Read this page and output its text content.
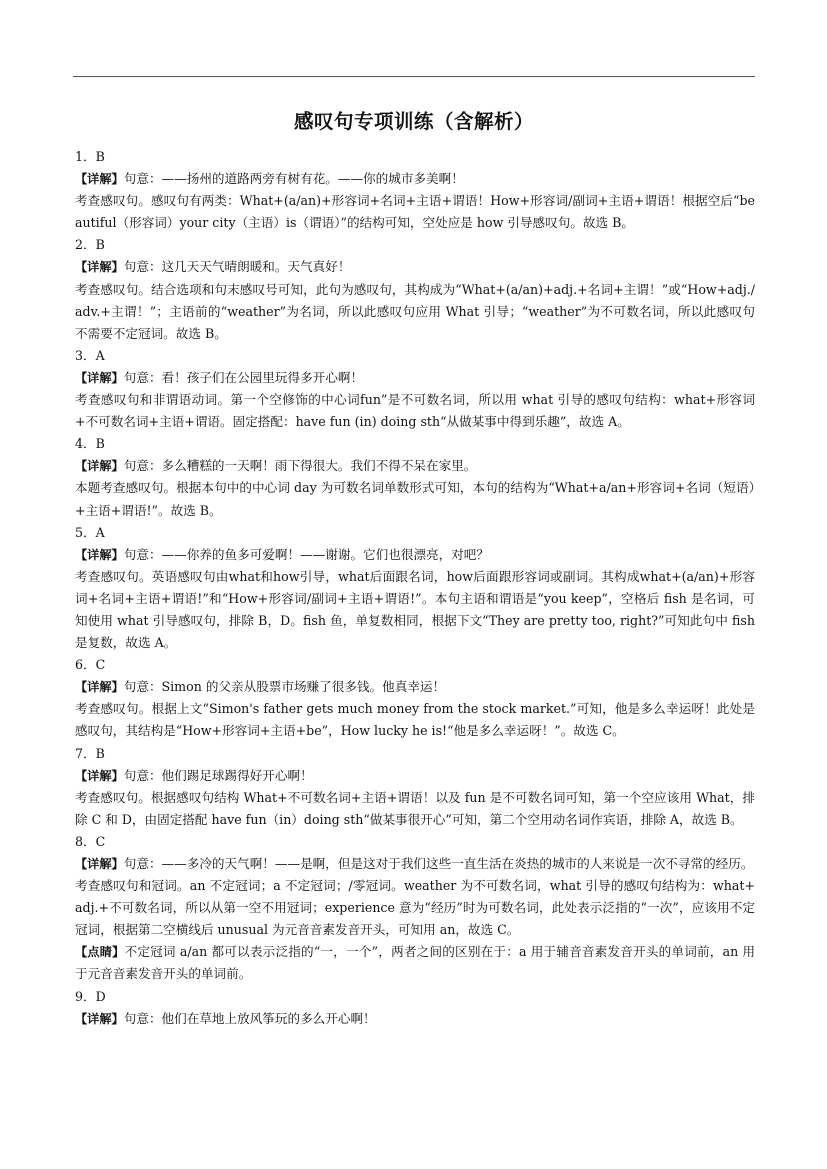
感叹句专项训练（含解析）
1．B
【详解】句意：——扬州的道路两旁有树有花。——你的城市多美啊！
考查感叹句。感叹句有两类：What+(a/an)+形容词+名词+主语+谓语！How+形容词/副词+主语+谓语！根据空后“beautiful（形容词）your city（主语）is（谓语）”的结构可知，空处应是 how 引导感叹句。故选 B。
2．B
【详解】句意：这几天天气晴朗暖和。天气真好！
考查感叹句。结合选项和句末感叹号可知，此句为感叹句，其构成为“What+(a/an)+adj.+名词+主谓！”或“How+adj./adv.+主谓！”；主语前的“weather”为名词，所以此感叹句应用 What 引导；“weather”为不可数名词，所以此感叹句不需要不定冠词。故选 B。
3．A
【详解】句意：看！孩子们在公园里玩得多开心啊！
考查感叹句和非谓语动词。第一个空修饰的中心词fun”是不可数名词，所以用 what 引导的感叹句结构：what+形容词+不可数名词+主语+谓语。固定搭配：have fun (in) doing sth“从做某事中得到乐趣”，故选 A。
4．B
【详解】句意：多么糟糕的一天啊！雨下得很大。我们不得不呆在家里。
本题考查感叹句。根据本句中的中心词 day 为可数名词单数形式可知，本句的结构为“What+a/an+形容词+名词（短语）+主语+谓语!”。故选 B。
5．A
【详解】句意：——你养的鱼多可爱啊！——谢谢。它们也很漂亮，对吧？
考查感叹句。英语感叹句由what和how引导，what后面跟名词，how后面跟形容词或副词。其构成what+(a/an)+形容词+名词+主语+谓语!”和“How+形容词/副词+主语+谓语!”。本句主语和谓语是“you keep”，空格后 fish 是名词，可知使用 what 引导感叹句，排除 B，D。fish 鱼，单复数相同，根据下文“They are pretty too, right?”可知此句中 fish 是复数，故选 A。
6．C
【详解】句意：Simon 的父亲从股票市场赚了很多钱。他真幸运！
考查感叹句。根据上文“Simon's father gets much money from the stock market.”可知，他是多么幸运呀！此处是感叹句，其结构是“How+形容词+主语+be”，How lucky he is!“他是多么幸运呀！”。故选 C。
7．B
【详解】句意：他们踢足球踢得好开心啊！
考查感叹句。根据感叹句结构 What+不可数名词+主语+谓语！以及 fun 是不可数名词可知，第一个空应该用 What，排除 C 和 D，由固定搭配 have fun（in）doing sth“做某事很开心”可知，第二个空用动名词作宾语，排除 A，故选 B。
8．C
【详解】句意：——多冷的天气啊！——是啊，但是这对于我们这些一直生活在炎热的城市的人来说是一次不寻常的经历。
考查感叹句和冠词。an 不定冠词；a 不定冠词；/零冠词。weather 为不可数名词，what 引导的感叹句结构为：what+adj.+不可数名词，所以从第一空不用冠词；experience 意为“经历”时为可数名词，此处表示泛指的“一次”，应该用不定冠词，根据第二空横线后 unusual 为元音音素发音开头，可知用 an，故选 C。
【点睛】不定冠词 a/an 都可以表示泛指的“一，一个”，两者之间的区别在于：a 用于辅音音素发音开头的单词前，an 用于元音音素发音开头的单词前。
9．D
【详解】句意：他们在草地上放风筝玩的多么开心啊！
